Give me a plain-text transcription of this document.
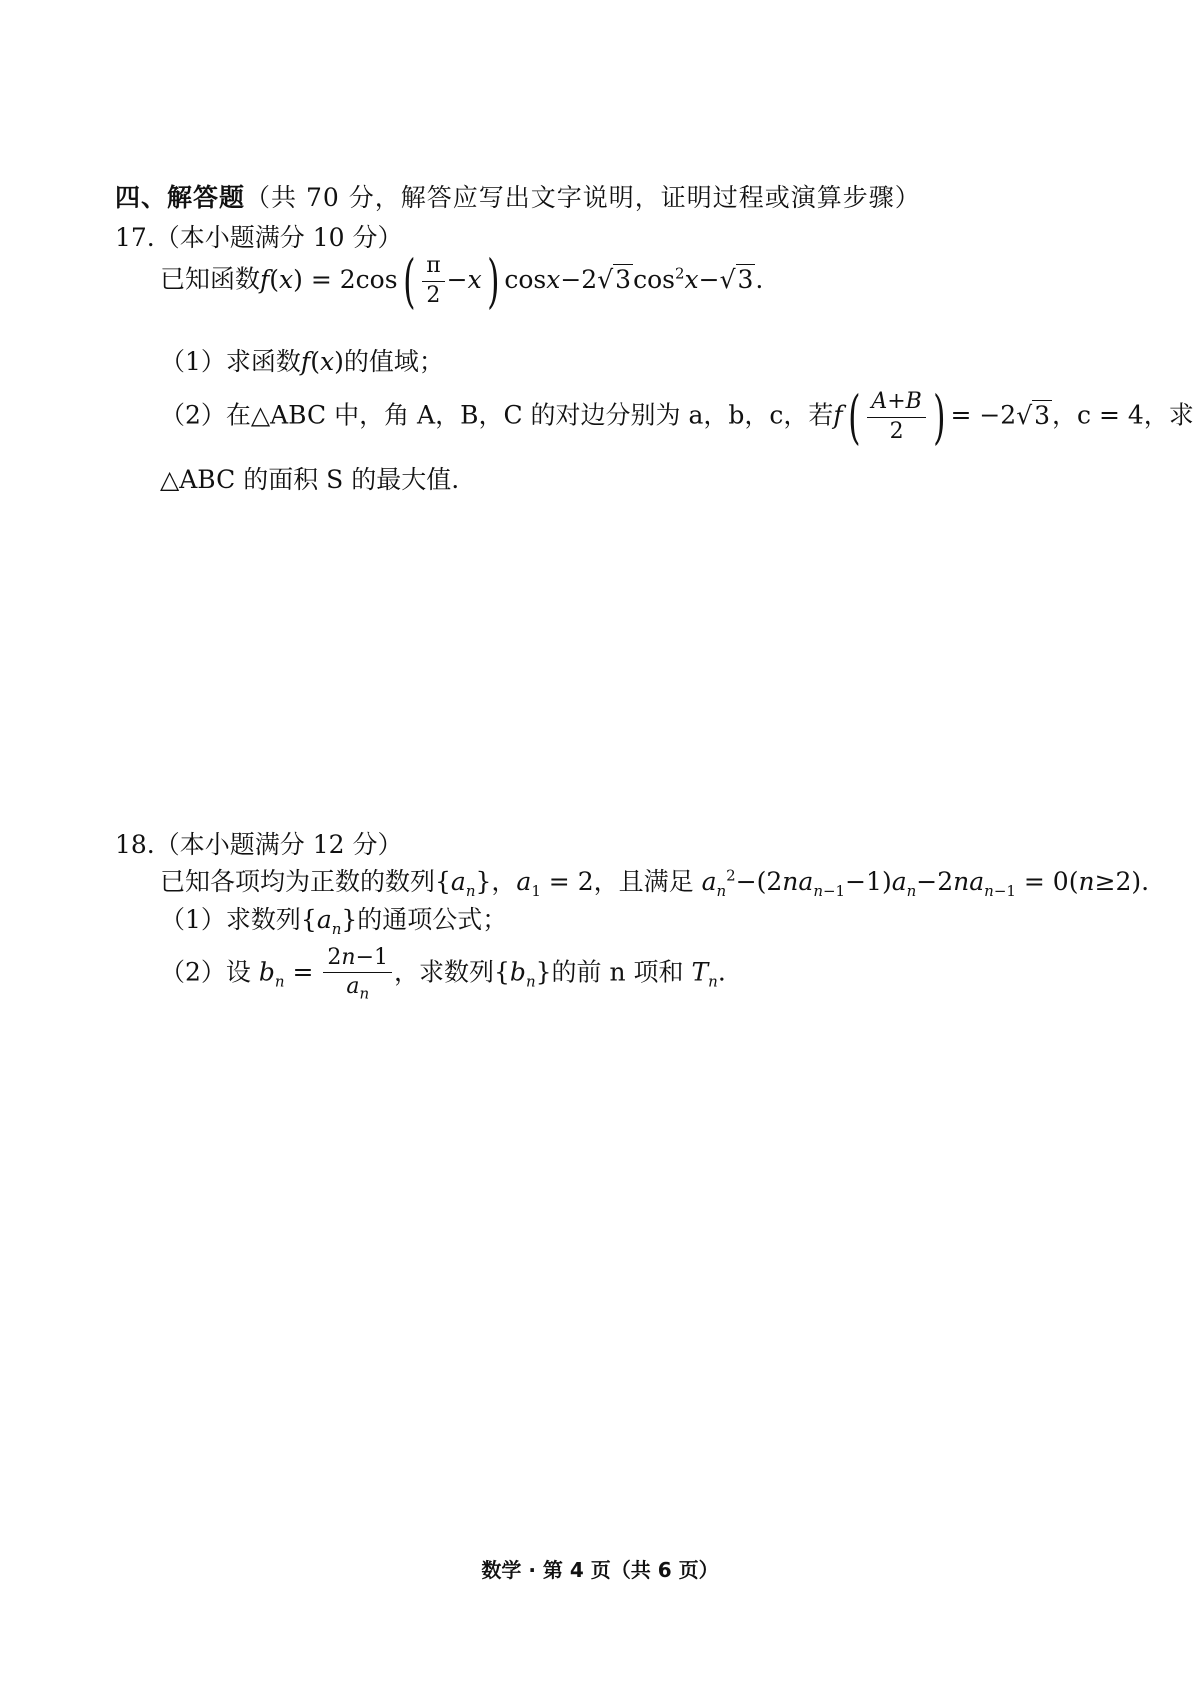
四、解答题（共 70 分，解答应写出文字说明，证明过程或演算步骤）
17.（本小题满分 10 分）
已知函数$f(x) = 2\cos( \frac{\pi}{2} -x)$ $\cos x-2√3\cos^2x-√3$.
（1）求函数f(x)的值域；
（2）在△ABC 中，角 A，B，C 的对边分别为 a，b，c，若$f( \frac{A+B}{2}$ ) = −2√3，c = 4，求
△ABC 的面积 S 的最大值.
18.（本小题满分 12 分）
已知各项均为正数的数列$\{a_n\}$，$a_1 = 2$，且满足 $a_n^2-(2na_{n-1}-1)a_n-2na_{n-1} = 0(n\ge 2)$.
（1）求数列$\{a_n\}$的通项公式；
（2）设 $b_n = \frac{2n-1}{a_n}$ ，求数列$\{b_n\}$的前 n 项和 $T_n$.
数学 · 第 4 页（共 6 页）
